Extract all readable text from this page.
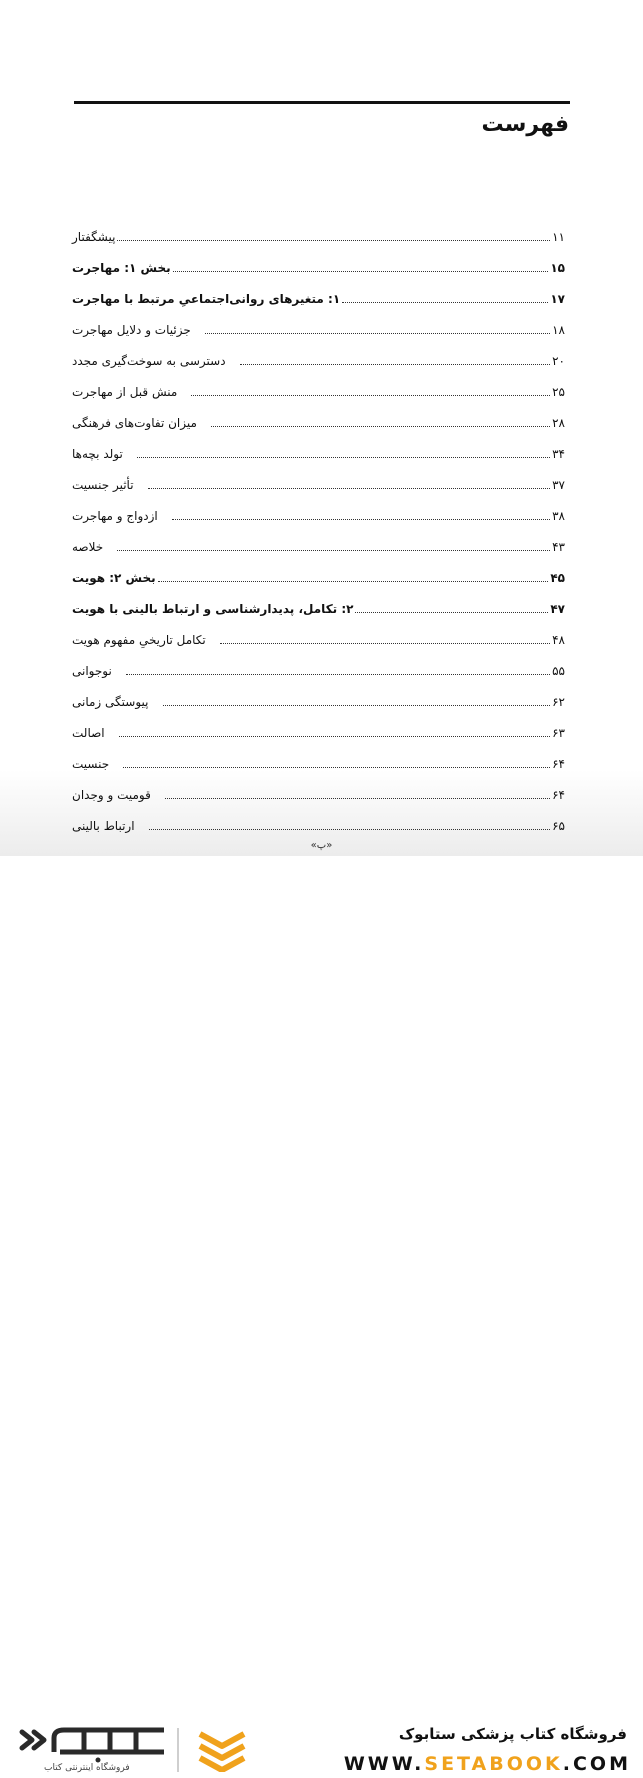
فهرست
پیشگفتار	۱۱
بخش ۱: مهاجرت	۱۵
۱: متغیرهای روانی‌اجتماعیِ مرتبط با مهاجرت	۱۷
جزئیات و دلایل مهاجرت	۱۸
دسترسی به سوخت‌گیری مجدد	۲۰
منش قبل از مهاجرت	۲۵
میزان تفاوت‌های فرهنگی	۲۸
تولد بچه‌ها	۳۴
تأثیر جنسیت	۳۷
ازدواج و مهاجرت	۳۸
خلاصه	۴۳
بخش ۲: هویت	۴۵
۲: تکامل، پدیدارشناسی و ارتباط بالینی با هویت	۴۷
تکامل تاریخیِ مفهوم هویت	۴۸
نوجوانی	۵۵
پیوستگی زمانی	۶۲
اصالت	۶۳
جنسیت	۶۴
قومیت و وجدان	۶۴
ارتباط بالینی	۶۵
«پ»
فروشگاه اینترنتی کتاب
فروشگاه کتاب پزشکی ستابوک
WWW.SETABOOK.COM
